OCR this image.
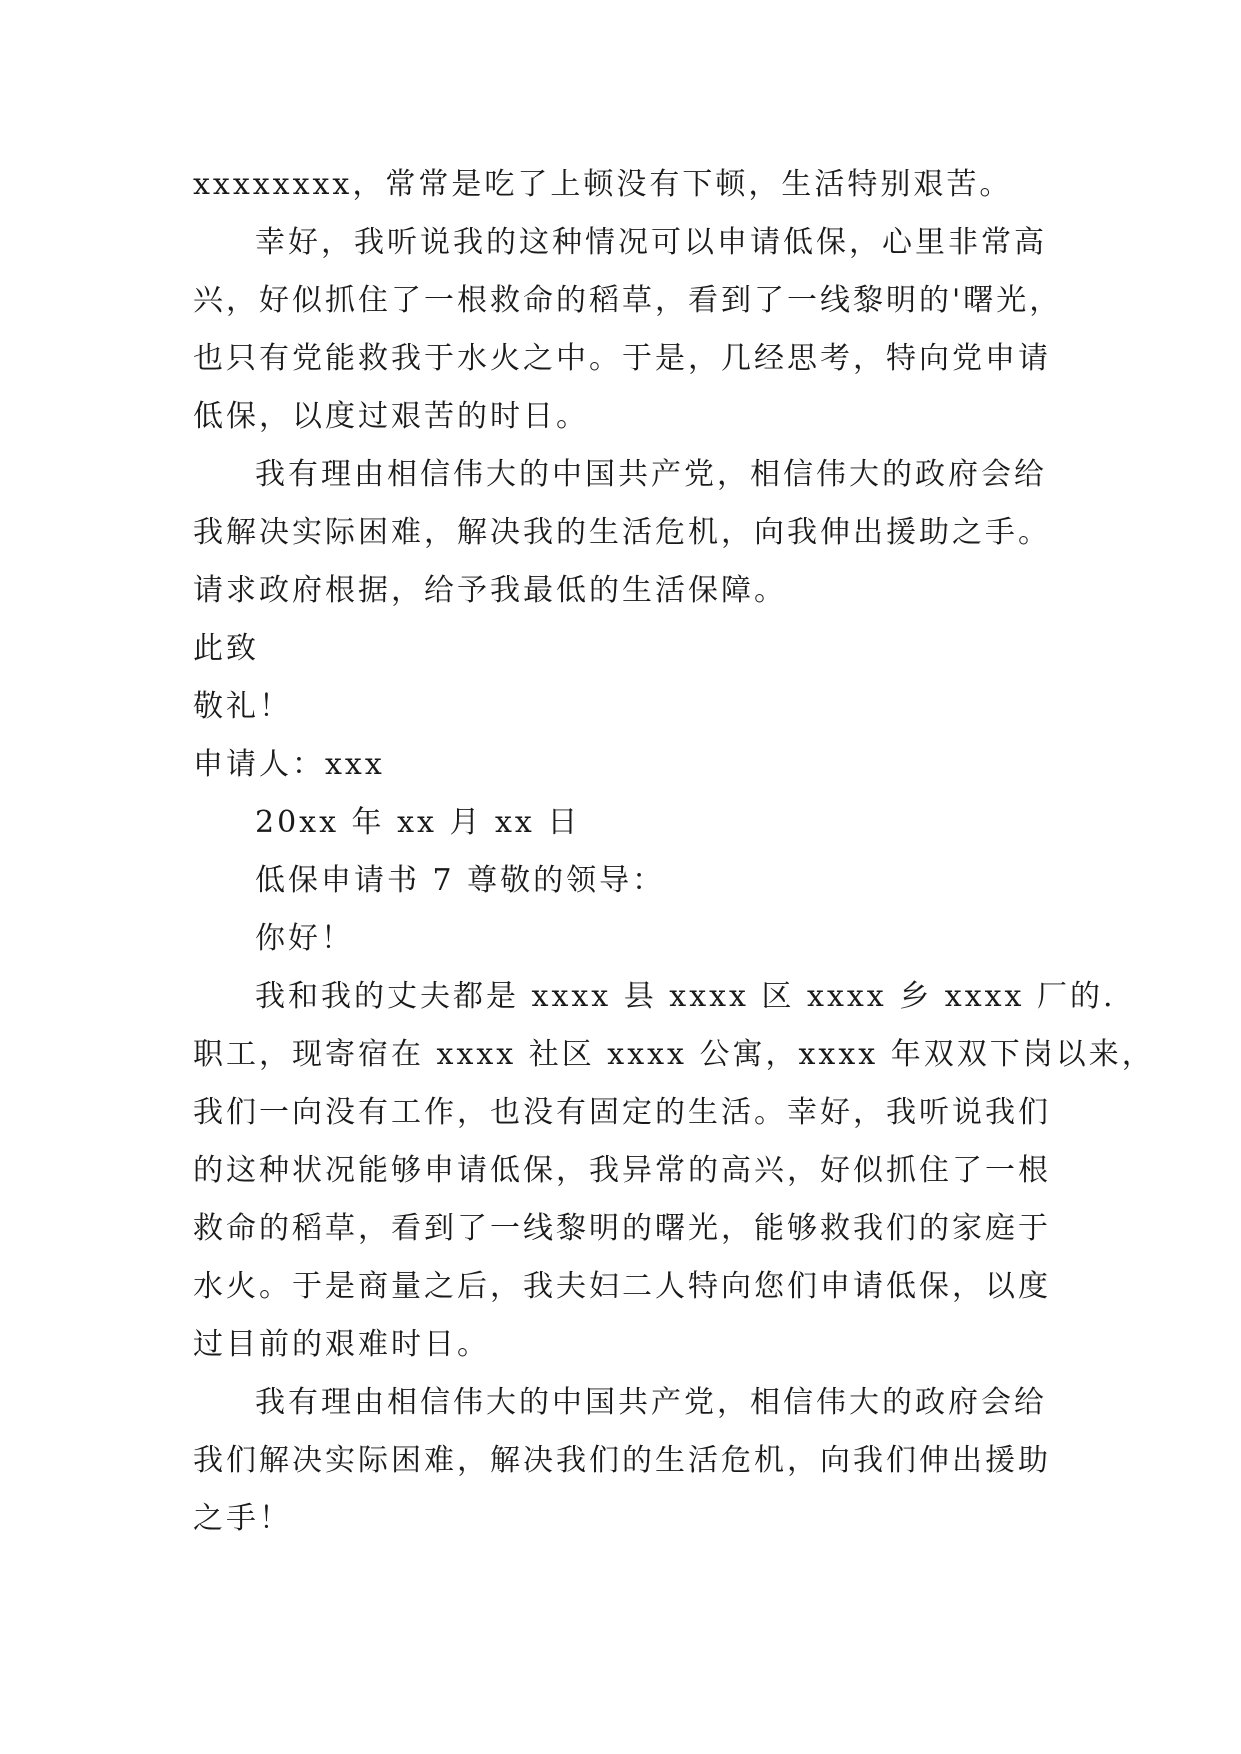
xxxxxxxx，常常是吃了上顿没有下顿，生活特别艰苦。
幸好，我听说我的这种情况可以申请低保，心里非常高
兴，好似抓住了一根救命的稻草，看到了一线黎明的'曙光，
也只有党能救我于水火之中。于是，几经思考，特向党申请
低保，以度过艰苦的时日。
我有理由相信伟大的中国共产党，相信伟大的政府会给
我解决实际困难，解决我的生活危机，向我伸出援助之手。
请求政府根据，给予我最低的生活保障。
此致
敬礼！
申请人：xxx
20xx 年 xx 月 xx 日
低保申请书 7 尊敬的领导：
你好！
我和我的丈夫都是 xxxx 县 xxxx 区 xxxx 乡 xxxx 厂的.
职工，现寄宿在 xxxx 社区 xxxx 公寓，xxxx 年双双下岗以来，
我们一向没有工作，也没有固定的生活。幸好，我听说我们
的这种状况能够申请低保，我异常的高兴，好似抓住了一根
救命的稻草，看到了一线黎明的曙光，能够救我们的家庭于
水火。于是商量之后，我夫妇二人特向您们申请低保，以度
过目前的艰难时日。
我有理由相信伟大的中国共产党，相信伟大的政府会给
我们解决实际困难，解决我们的生活危机，向我们伸出援助
之手！
